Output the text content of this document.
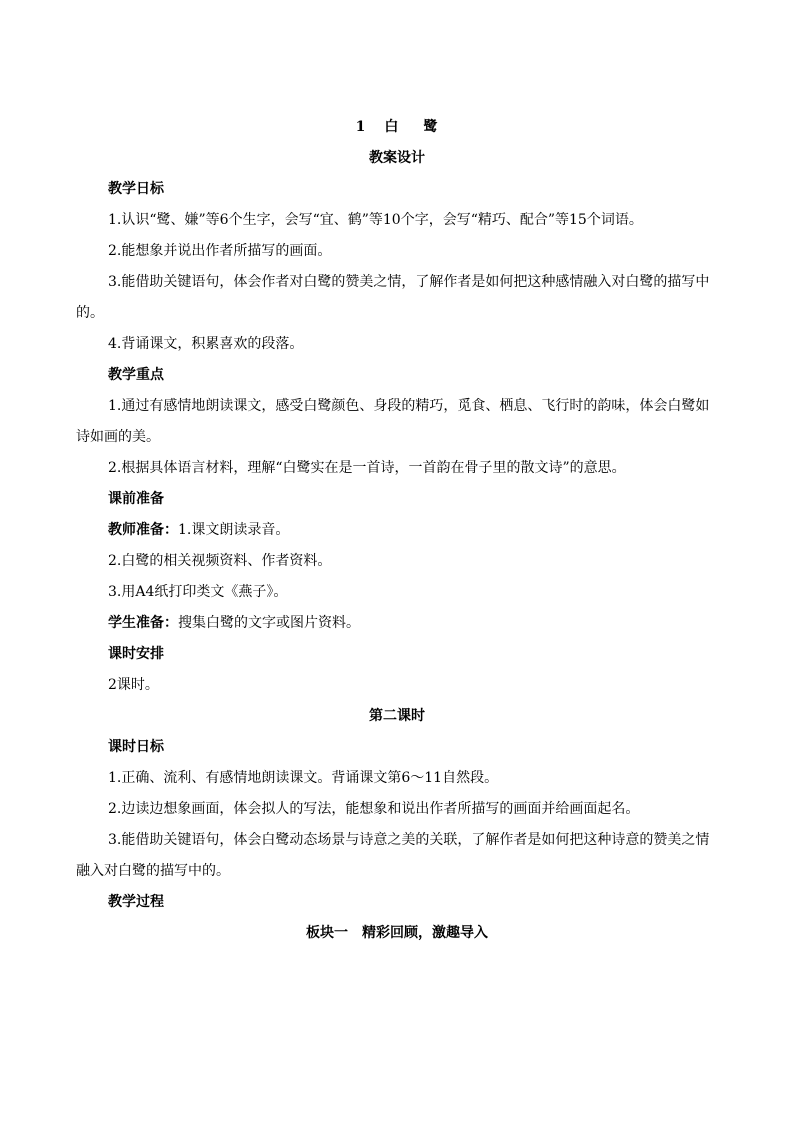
1 白 鹭
教案设计
教学日标
1.认识“鹭、嫌”等6个生字，会写“宜、鹤”等10个字，会写“精巧、配合”等15个词语。
2.能想象并说出作者所描写的画面。
3.能借助关键语句，体会作者对白鹭的赞美之情，了解作者是如何把这种感情融入对白鹭的描写中的。
4.背诵课文，积累喜欢的段落。
教学重点
1.通过有感情地朗读课文，感受白鹭颜色、身段的精巧，觅食、栖息、飞行时的韵味，体会白鹭如诗如画的美。
2.根据具体语言材料，理解“白鹭实在是一首诗，一首韵在骨子里的散文诗”的意思。
课前准备
教师准备：1.课文朗读录音。
2.白鹭的相关视频资料、作者资料。
3.用A4纸打印类文《燕子》。
学生准备：搜集白鹭的文字或图片资料。
课时安排
2课时。
第二课时
课时日标
1.正确、流利、有感情地朗读课文。背诵课文第6～11自然段。
2.边读边想象画面，体会拟人的写法，能想象和说出作者所描写的画面并给画面起名。
3.能借助关键语句，体会白鹭动态场景与诗意之美的关联，了解作者是如何把这种诗意的赞美之情融入对白鹭的描写中的。
教学过程
板块一　精彩回顾，激趣导入
